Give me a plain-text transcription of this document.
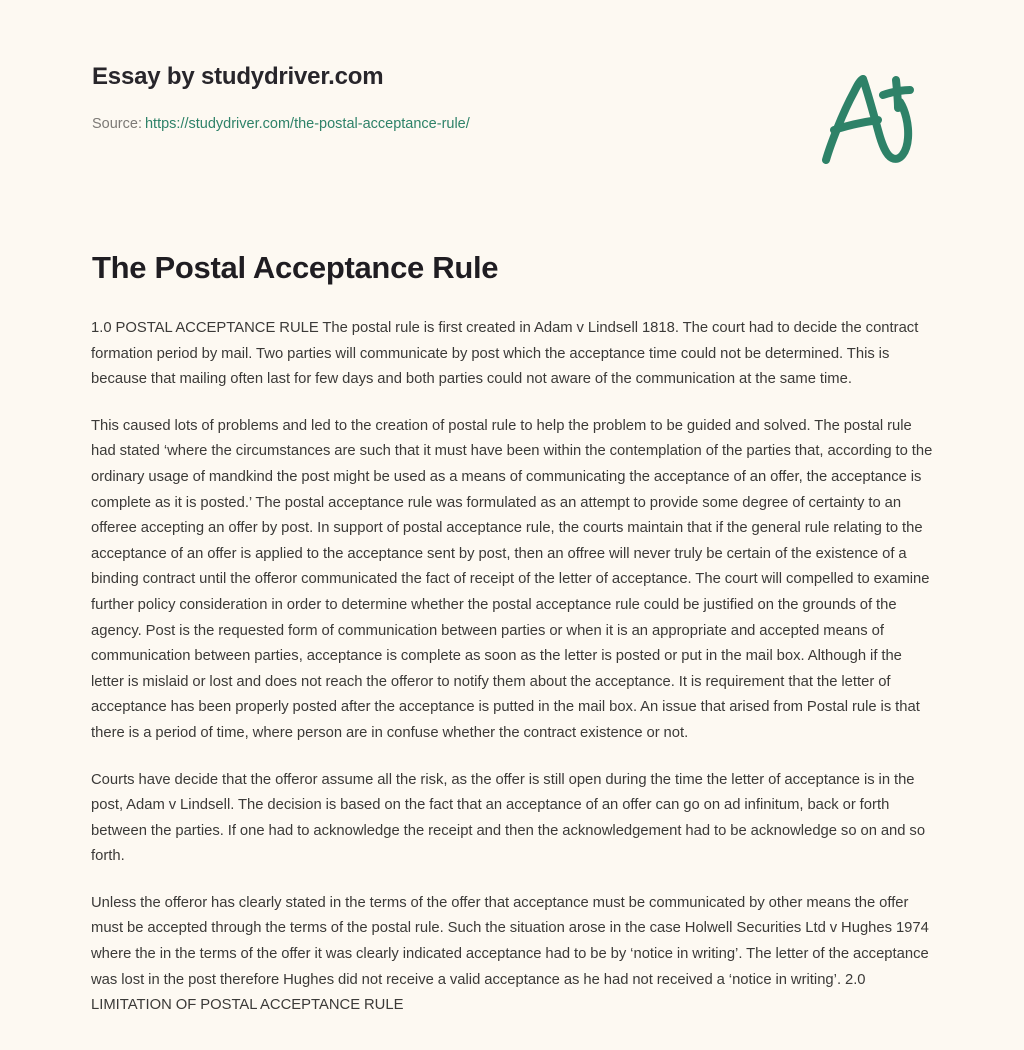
Essay by studydriver.com
Source: https://studydriver.com/the-postal-acceptance-rule/
The Postal Acceptance Rule

1.0 POSTAL ACCEPTANCE RULE The postal rule is first created in Adam v Lindsell 1818. The court had to decide the contract formation period by mail. Two parties will communicate by post which the acceptance time could not be determined. This is because that mailing often last for few days and both parties could not aware of the communication at the same time.

This caused lots of problems and led to the creation of postal rule to help the problem to be guided and solved. The postal rule had stated ‘where the circumstances are such that it must have been within the contemplation of the parties that, according to the ordinary usage of mandkind the post might be used as a means of communicating the acceptance of an offer, the acceptance is complete as it is posted.’ The postal acceptance rule was formulated as an attempt to provide some degree of certainty to an offeree accepting an offer by post. In support of postal acceptance rule, the courts maintain that if the general rule relating to the acceptance of an offer is applied to the acceptance sent by post, then an offree will never truly be certain of the existence of a binding contract until the offeror communicated the fact of receipt of the letter of acceptance. The court will compelled to examine further policy consideration in order to determine whether the postal acceptance rule could be justified on the grounds of the agency. Post is the requested form of communication between parties or when it is an appropriate and accepted means of communication between parties, acceptance is complete as soon as the letter is posted or put in the mail box. Although if the letter is mislaid or lost and does not reach the offeror to notify them about the acceptance. It is requirement that the letter of acceptance has been properly posted after the acceptance is putted in the mail box. An issue that arised from Postal rule is that there is a period of time, where person are in confuse whether the contract existence or not.

Courts have decide that the offeror assume all the risk, as the offer is still open during the time the letter of acceptance is in the post, Adam v Lindsell. The decision is based on the fact that an acceptance of an offer can go on ad infinitum, back or forth between the parties. If one had to acknowledge the receipt and then the acknowledgement had to be acknowledge so on and so forth.

Unless the offeror has clearly stated in the terms of the offer that acceptance must be communicated by other means the offer must be accepted through the terms of the postal rule. Such the situation arose in the case Holwell Securities Ltd v Hughes 1974 where the in the terms of the offer it was clearly indicated acceptance had to be by ‘notice in writing’. The letter of the acceptance was lost in the post therefore Hughes did not receive a valid acceptance as he had not received a ‘notice in writing’. 2.0 LIMITATION OF POSTAL ACCEPTANCE RULE
